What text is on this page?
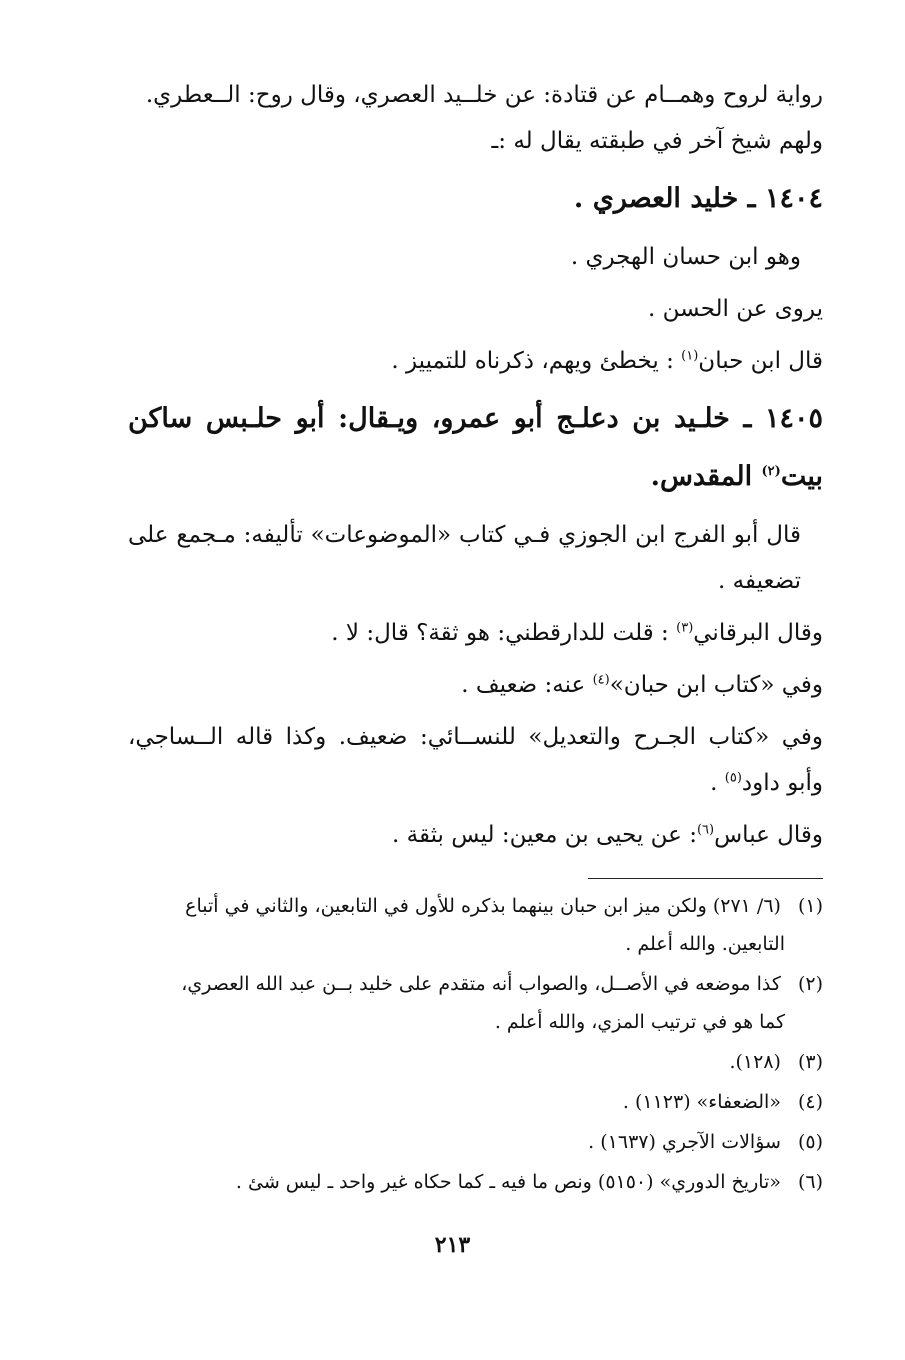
رواية لروح وهمــام عن قتادة: عن خلــيد العصري، وقال روح: الــعطري.
ولهم شيخ آخر في طبقته يقال له :ـ

١٤٠٤ ـ خليد العصري .

وهو ابن حسان الهجري .

يروى عن الحسن .

قال ابن حبان$^{(١)}$ : يخطئ ويهم، ذكرناه للتمييز .

١٤٠٥ ـ خلـيد بن دعلـج أبو عمرو، ويـقال: أبو حلـبس ساكن بيت$^{(٢)}$ المقدس.

قال أبو الفرج ابن الجوزي فـي كتاب «الموضوعات» تأليفه: مـجمع على تضعيفه .

وقال البرقاني$^{(٣)}$ : قلت للدارقطني: هو ثقة؟ قال: لا .

وفي «كتاب ابن حبان»$^{(٤)}$ عنه: ضعيف .

وفي «كتاب الجـرح والتعديل» للنســائي: ضعيف. وكذا قاله الــساجي، وأبو داود$^{(٥)}$ .

وقال عباس$^{(٦)}$: عن يحيى بن معين: ليس بثقة .

(١) (٦/ ٢٧١) ولكن ميز ابن حبان بينهما بذكره للأول في التابعين، والثاني في أتباع
التابعين. والله أعلم .

(٢) كذا موضعه في الأصــل، والصواب أنه متقدم على خليد بــن عبد الله العصري،
كما هو في ترتيب المزي، والله أعلم .

(٣) (١٢٨).

(٤) «الضعفاء» (١١٢٣) .

(٥) سؤالات الآجري (١٦٣٧) .

(٦) «تاريخ الدوري» (٥١٥٠) ونص ما فيه ـ كما حكاه غير واحد ـ ليس شئ .

٢١٣
